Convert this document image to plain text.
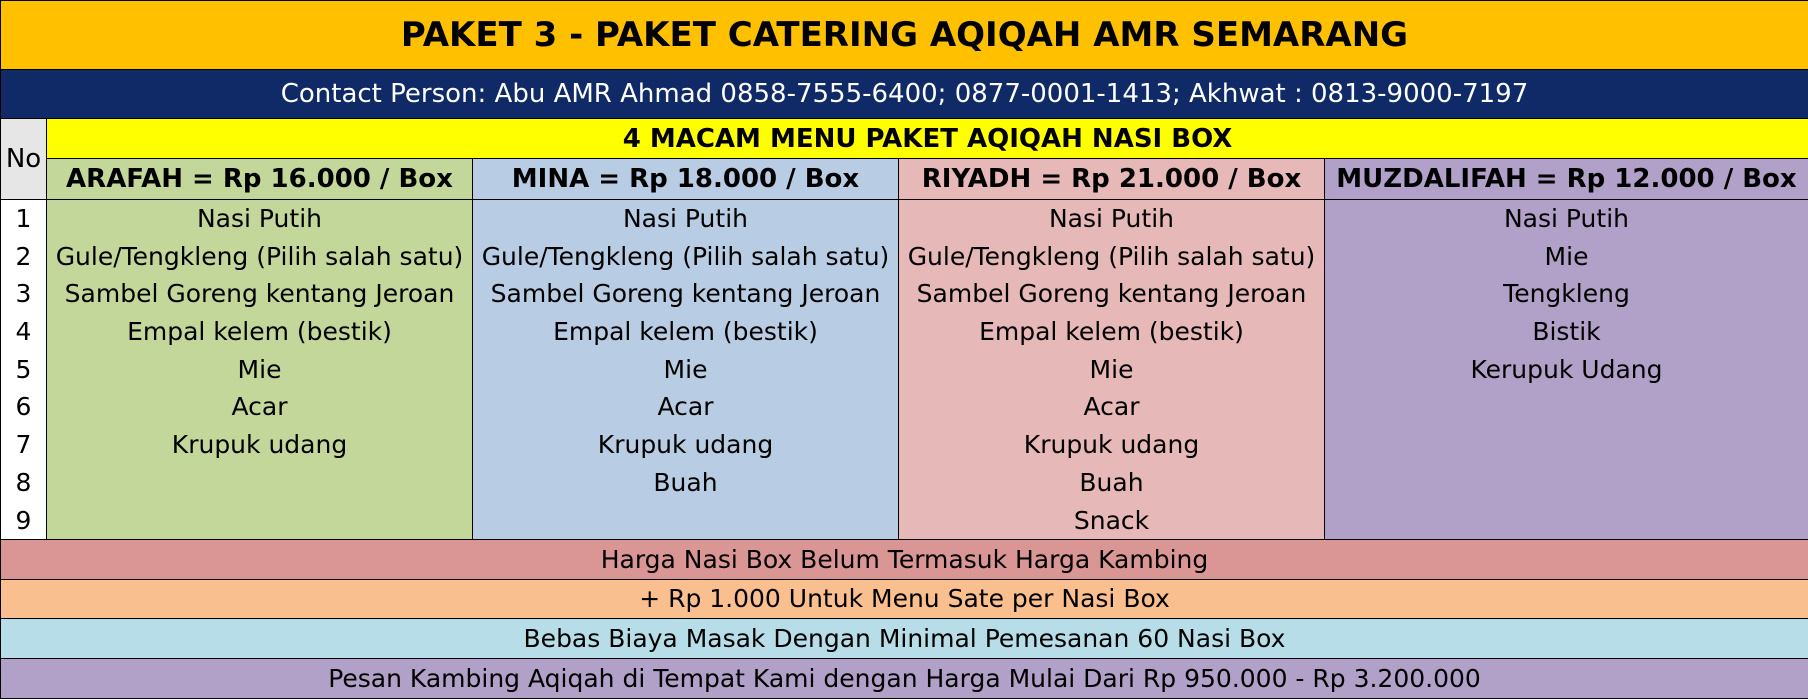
PAKET 3 - PAKET CATERING AQIQAH AMR SEMARANG				
Contact Person: Abu AMR Ahmad 0858-7555-6400; 0877-0001-1413; Akhwat : 0813-9000-7197				
No	4 MACAM MENU PAKET AQIQAH NASI BOX			
	ARAFAH = Rp 16.000 / Box	MINA = Rp 18.000 / Box	RIYADH = Rp 21.000 / Box	MUZDALIFAH = Rp 12.000 / Box
1	Nasi Putih	Nasi Putih	Nasi Putih	Nasi Putih
2	Gule/Tengkleng (Pilih salah satu)	Gule/Tengkleng (Pilih salah satu)	Gule/Tengkleng (Pilih salah satu)	Mie
3	Sambel Goreng kentang Jeroan	Sambel Goreng kentang Jeroan	Sambel Goreng kentang Jeroan	Tengkleng
4	Empal kelem (bestik)	Empal kelem (bestik)	Empal kelem (bestik)	Bistik
5	Mie	Mie	Mie	Kerupuk Udang
6	Acar	Acar	Acar	
7	Krupuk udang	Krupuk udang	Krupuk udang	
8		Buah	Buah	
9			Snack	
Harga Nasi Box Belum Termasuk Harga Kambing				
+ Rp 1.000 Untuk Menu Sate per Nasi Box				
Bebas Biaya Masak Dengan Minimal Pemesanan 60 Nasi Box				
Pesan Kambing Aqiqah di Tempat Kami dengan Harga Mulai Dari Rp 950.000 - Rp 3.200.000				
